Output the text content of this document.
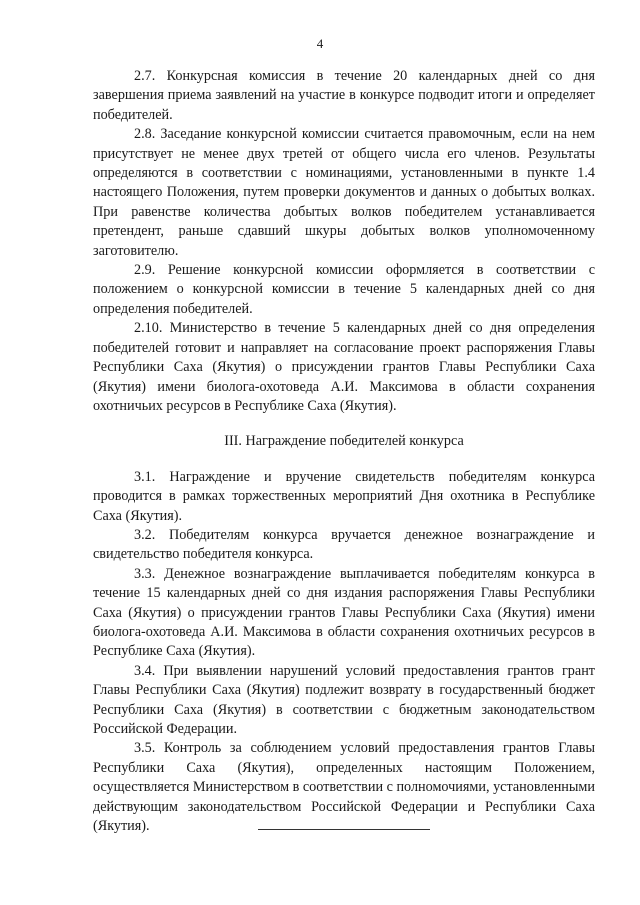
4

2.7. Конкурсная комиссия в течение 20 календарных дней со дня завершения приема заявлений на участие в конкурсе подводит итоги и определяет победителей.

2.8. Заседание конкурсной комиссии считается правомочным, если на нем присутствует не менее двух третей от общего числа его членов. Результаты определяются в соответствии с номинациями, установленными в пункте 1.4 настоящего Положения, путем проверки документов и данных о добытых волках. При равенстве количества добытых волков победителем устанавливается претендент, раньше сдавший шкуры добытых волков уполномоченному заготовителю.

2.9. Решение конкурсной комиссии оформляется в соответствии с положением о конкурсной комиссии в течение 5 календарных дней со дня определения победителей.

2.10. Министерство в течение 5 календарных дней со дня определения победителей готовит и направляет на согласование проект распоряжения Главы Республики Саха (Якутия) о присуждении грантов Главы Республики Саха (Якутия) имени биолога-охотоведа А.И. Максимова в области сохранения охотничьих ресурсов в Республике Саха (Якутия).

III. Награждение победителей конкурса

3.1. Награждение и вручение свидетельств победителям конкурса проводится в рамках торжественных мероприятий Дня охотника в Республике Саха (Якутия).

3.2. Победителям конкурса вручается денежное вознаграждение и свидетельство победителя конкурса.

3.3. Денежное вознаграждение выплачивается победителям конкурса в течение 15 календарных дней со дня издания распоряжения Главы Республики Саха (Якутия) о присуждении грантов Главы Республики Саха (Якутия) имени биолога-охотоведа А.И. Максимова в области сохранения охотничьих ресурсов в Республике Саха (Якутия).

3.4. При выявлении нарушений условий предоставления грантов грант Главы Республики Саха (Якутия) подлежит возврату в государственный бюджет Республики Саха (Якутия) в соответствии с бюджетным законодательством Российской Федерации.

3.5. Контроль за соблюдением условий предоставления грантов Главы Республики Саха (Якутия), определенных настоящим Положением, осуществляется Министерством в соответствии с полномочиями, установленными действующим законодательством Российской Федерации и Республики Саха (Якутия).
